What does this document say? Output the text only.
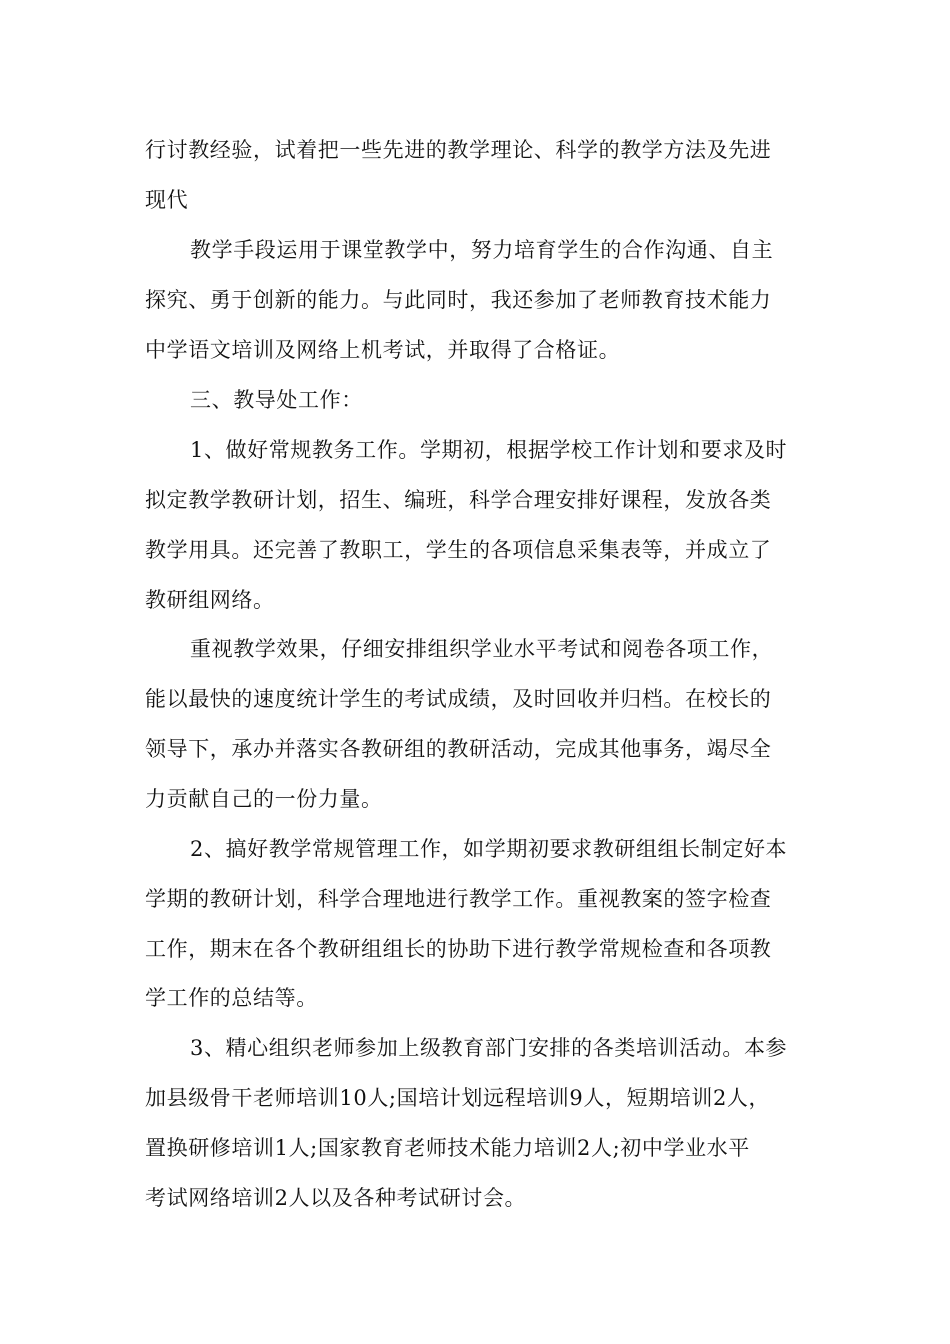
行讨教经验，试着把一些先进的教学理论、科学的教学方法及先进
现代
教学手段运用于课堂教学中，努力培育学生的合作沟通、自主
探究、勇于创新的能力。与此同时，我还参加了老师教育技术能力
中学语文培训及网络上机考试，并取得了合格证。
三、教导处工作：
1、做好常规教务工作。学期初，根据学校工作计划和要求及时
拟定教学教研计划，招生、编班，科学合理安排好课程，发放各类
教学用具。还完善了教职工，学生的各项信息采集表等，并成立了
教研组网络。
重视教学效果，仔细安排组织学业水平考试和阅卷各项工作，
能以最快的速度统计学生的考试成绩，及时回收并归档。在校长的
领导下，承办并落实各教研组的教研活动，完成其他事务，竭尽全
力贡献自己的一份力量。
2、搞好教学常规管理工作，如学期初要求教研组组长制定好本
学期的教研计划，科学合理地进行教学工作。重视教案的签字检查
工作，期末在各个教研组组长的协助下进行教学常规检查和各项教
学工作的总结等。
3、精心组织老师参加上级教育部门安排的各类培训活动。本参
加县级骨干老师培训10人;国培计划远程培训9人，短期培训2人，
置换研修培训1人;国家教育老师技术能力培训2人;初中学业水平
考试网络培训2人以及各种考试研讨会。
